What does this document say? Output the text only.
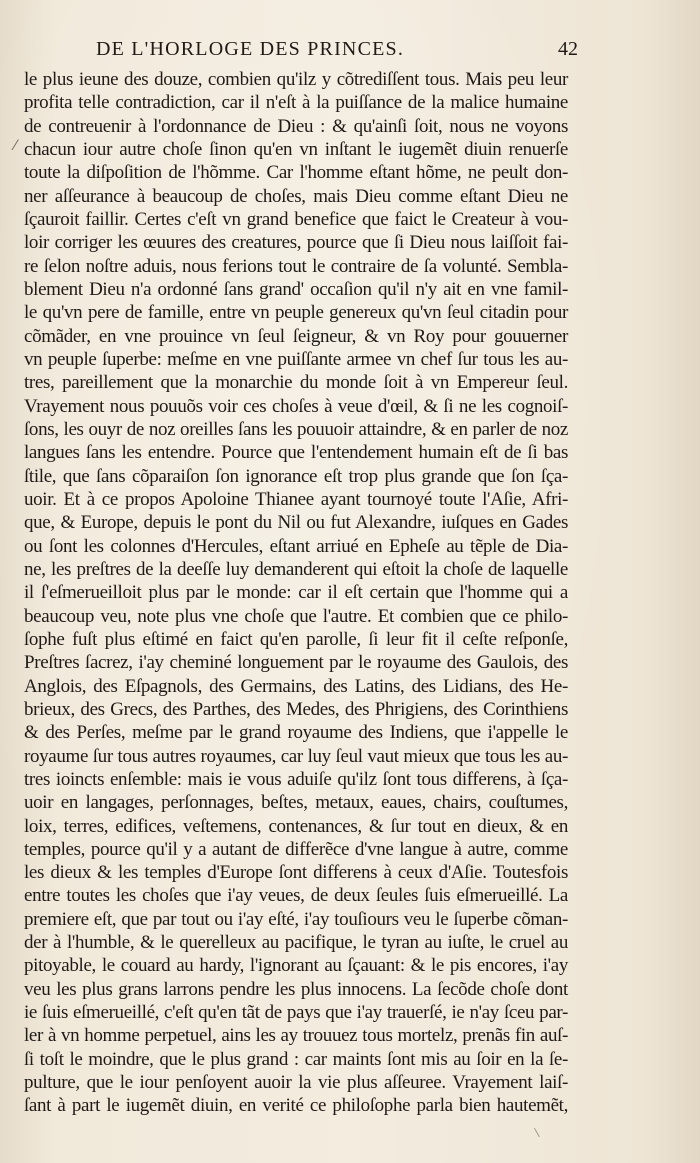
DE L'HORLOGE DES PRINCES.	42
⁄
le plus ieune des douze, combien qu'ilz y cõtrediſſent tous. Mais peu leur
profita telle contradiction, car il n'eſt à la puiſſance de la malice humaine
de contreuenir à l'ordonnance de Dieu : & qu'ainſi ſoit, nous ne voyons
chacun iour autre choſe ſinon qu'en vn inſtant le iugemẽt diuin renuerſe
toute la diſpoſition de l'hõmme. Car l'homme eſtant hõme, ne peult don-
ner aſſeurance à beaucoup de choſes, mais Dieu comme eſtant Dieu ne
ſçauroit faillir. Certes c'eſt vn grand benefice que faict le Createur à vou-
loir corriger les œuures des creatures, pource que ſi Dieu nous laiſſoit fai-
re ſelon noſtre aduis, nous ferions tout le contraire de ſa volunté. Sembla-
blement Dieu n'a ordonné ſans grand' occaſion qu'il n'y ait en vne famil-
le qu'vn pere de famille, entre vn peuple genereux qu'vn ſeul citadin pour
cõmãder, en vne prouince vn ſeul ſeigneur, & vn Roy pour gouuerner
vn peuple ſuperbe: meſme en vne puiſſante armee vn chef ſur tous les au-
tres, pareillement que la monarchie du monde ſoit à vn Empereur ſeul.
Vrayement nous pouuõs voir ces choſes à veue d'œil, & ſi ne les cognoiſ-
ſons, les ouyr de noz oreilles ſans les pouuoir attaindre, & en parler de noz
langues ſans les entendre. Pource que l'entendement humain eſt de ſi bas
ſtile, que ſans cõparaiſon ſon ignorance eſt trop plus grande que ſon ſça-
uoir. Et à ce propos Apoloine Thianee ayant tournoyé toute l'Aſie, Afri-
que, & Europe, depuis le pont du Nil ou fut Alexandre, iuſques en Gades
ou ſont les colonnes d'Hercules, eſtant arriué en Epheſe au tẽple de Dia-
ne, les preſtres de la deeſſe luy demanderent qui eſtoit la choſe de laquelle
il ſ'eſmerueilloit plus par le monde: car il eſt certain que l'homme qui a
beaucoup veu, note plus vne choſe que l'autre. Et combien que ce philo-
ſophe fuſt plus eſtimé en faict qu'en parolle, ſi leur fit il ceſte reſponſe,
Preſtres ſacrez, i'ay cheminé longuement par le royaume des Gaulois, des
Anglois, des Eſpagnols, des Germains, des Latins, des Lidians, des He-
brieux, des Grecs, des Parthes, des Medes, des Phrigiens, des Corinthiens
& des Perſes, meſme par le grand royaume des Indiens, que i'appelle le
royaume ſur tous autres royaumes, car luy ſeul vaut mieux que tous les au-
tres ioincts enſemble: mais ie vous aduiſe qu'ilz ſont tous differens, à ſça-
uoir en langages, perſonnages, beſtes, metaux, eaues, chairs, couſtumes,
loix, terres, edifices, veſtemens, contenances, & ſur tout en dieux, & en
temples, pource qu'il y a autant de differẽce d'vne langue à autre, comme
les dieux & les temples d'Europe ſont differens à ceux d'Aſie. Toutesfois
entre toutes les choſes que i'ay veues, de deux ſeules ſuis eſmerueillé. La
premiere eſt, que par tout ou i'ay eſté, i'ay touſiours veu le ſuperbe cõman-
der à l'humble, & le querelleux au pacifique, le tyran au iuſte, le cruel au
pitoyable, le couard au hardy, l'ignorant au ſçauant: & le pis encores, i'ay
veu les plus grans larrons pendre les plus innocens. La ſecõde choſe dont
ie ſuis eſmerueillé, c'eſt qu'en tãt de pays que i'ay trauerſé, ie n'ay ſceu par-
ler à vn homme perpetuel, ains les ay trouuez tous mortelz, prenãs fin auſ-
ſi toſt le moindre, que le plus grand : car maints ſont mis au ſoir en la ſe-
pulture, que le iour penſoyent auoir la vie plus aſſeuree. Vrayement laiſ-
ſant à part le iugemẽt diuin, en verité ce philoſophe parla bien hautemẽt,
